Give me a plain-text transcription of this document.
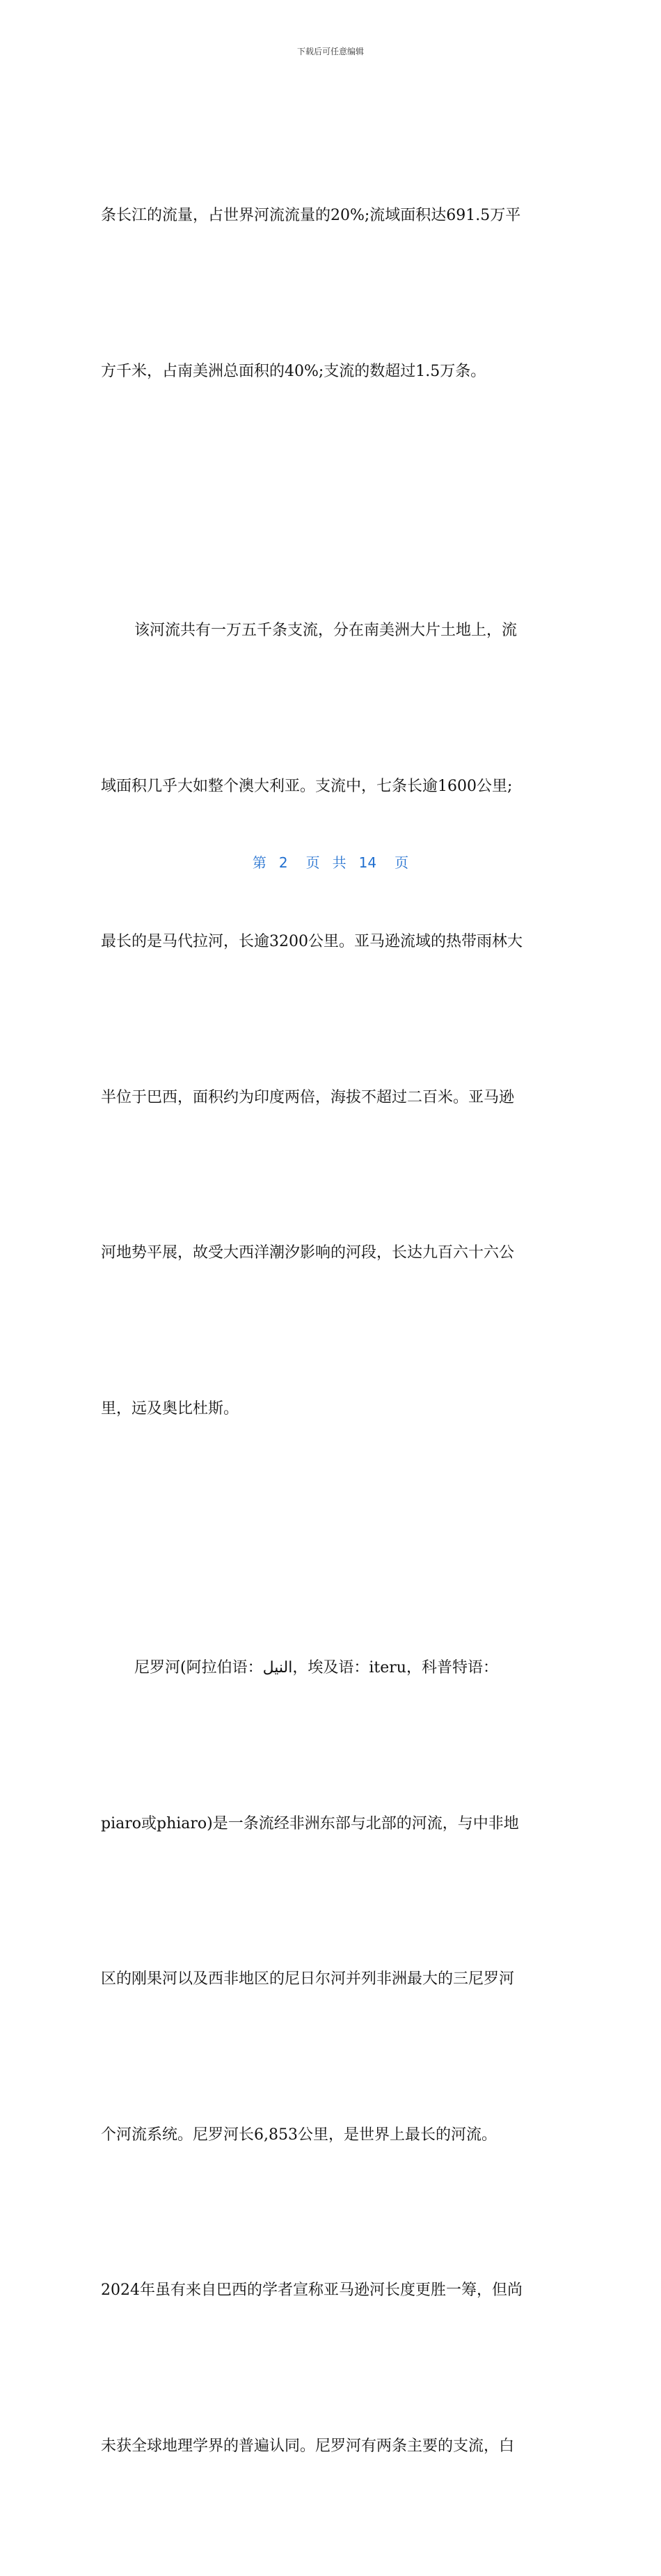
下载后可任意编辑

条长江的流量，占世界河流流量的20%;流域面积达691.5万平

方千米，占南美洲总面积的40%;支流的数超过1.5万条。

该河流共有一万五千条支流，分在南美洲大片土地上，流

域面积几乎大如整个澳大利亚。支流中，七条长逾1600公里;

最长的是马代拉河，长逾3200公里。亚马逊流域的热带雨林大

半位于巴西，面积约为印度两倍，海拔不超过二百米。亚马逊

河地势平展，故受大西洋潮汐影响的河段，长达九百六十六公

里，远及奥比杜斯。

尼罗河(阿拉伯语：النيل，埃及语：iteru，科普特语：

piaro或phiaro)是一条流经非洲东部与北部的河流，与中非地

区的刚果河以及西非地区的尼日尔河并列非洲最大的三尼罗河

个河流系统。尼罗河长6,853公里，是世界上最长的河流。

2024年虽有来自巴西的学者宣称亚马逊河长度更胜一筹，但尚

未获全球地理学界的普遍认同。尼罗河有两条主要的支流，白

第 2 页 共 14 页
